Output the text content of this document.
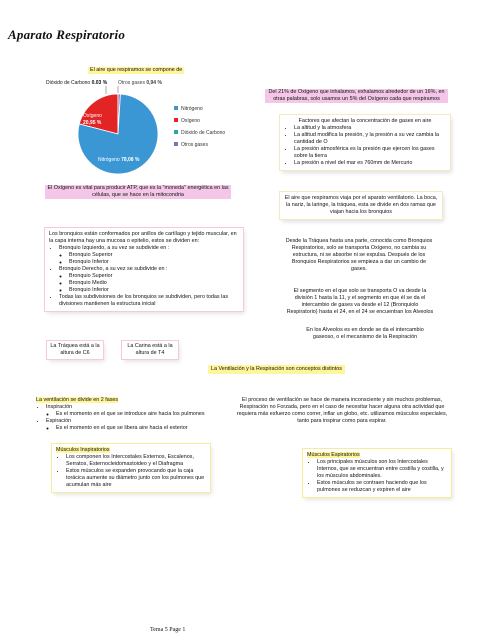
Aparato Respiratorio
El aire que respiramos se compone de
Nitrógeno
Oxígeno
Dióxido de Carbono
Otros gases
Dióxido de Carbono 0.03 % Otros gases 0,94 %
Oxígeno
20,95 %
Nitrógeno 78,08 %
El Oxígeno es vital para producir ATP, que es la "moneda" energética en las células, que se hace en la mitocondria
Del 21% de Oxígeno que inhalamos, exhalamos alrededor de un 16%, en otras palabras, solo usamos un 5% del Oxígeno cada que respiramos
Factores que afectan la concentración de gases en aire
• La altitud y la atmosfera
• La altitud modifica la presión, y la presión a su vez cambia la cantidad de O
• La presión atmosférica es la presión que ejercen los gases sobre la tierra
• La presión a nivel del mar es 760mm de Mercurio
El aire que respiramos viaja por el aparato ventilatorio. La boca, la nariz, la laringe, la tráquea, esta se divide en dos ramas que viajan hacia los bronquios
Los bronquios están conformados por anillos de cartílago y tejido muscular, en la capa interna hay una mucosa o epitelio, estos se dividen en:
• Bronquio Izquierdo, a su vez se subdivide en :
◦ Bronquio Superior
◦ Bronquio Inferior
• Bronquio Derecho, a su vez se subdivide en :
◦ Bronquio Superior
◦ Bronquio Medio
◦ Bronquio Inferior
• Todas las subdivisiones de los bronquios se subdividen, pero todas las divisiones mantienen la estructura inicial
Desde la Tráquea hasta una parte, conocida como Bronquios Respiratorios, solo se transporta Oxígeno, no cambia su estructura, ni se absorbe ni se expulsa. Después de los Bronquios Respiratorios se empieza a dar un cambio de gases.
El segmento en el que solo se transporta O va desde la división 1 hasta la 11, y el segmento en que él se da el intercambio de gases va desde el 12 (Bronquiolo Respiratorio) hasta el 24, en el 24 se encuentran los Alveolos
En los Alveolos es en donde se da el intercambio gaseoso, o el mecanismo de la Respiración
La Tráquea está a la altura de C6
La Carina está a la altura de T4
La Ventilación y la Respiración son conceptos distintos
La ventilación se divide en 2 fases
• Inspiración
◦ Es el momento en el que se introduce aire hacia los pulmones
• Espiración
◦ Es el momento en el que se libera aire hacia el exterior
El proceso de ventilación se hace de manera inconsciente y sin muchos problemas, Respiración no Forzada, pero en el caso de necesitar hacer alguna otra actividad que requiera más esfuerzo como correr, inflar un globo, etc. utilizamos músculos especiales, tanto para inspirar como para espirar.
Músculos Inspiratorios
• Los componen los Intercostales Externos, Escalenos, Serratos, Esternocleidomastoideo y el Diafragma
• Estos músculos se expanden provocando que la caja torácica aumente su diámetro junto con los pulmones que acumulan más aire
Músculos Espiratorios
• Los principales músculos son los Intercostales Internos, que se encuentran entre costilla y costilla, y los músculos abdominales.
• Estos músculos se contraen haciendo que los pulmones se reduzcan y expiren el aire
Tema 5 Page 1
